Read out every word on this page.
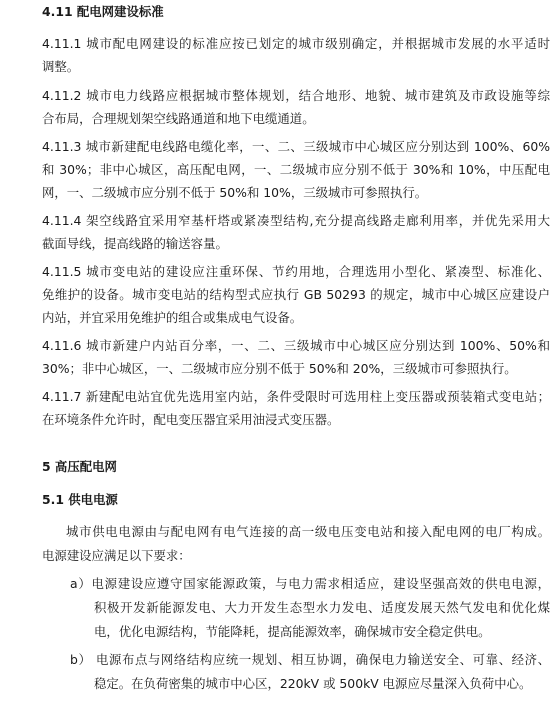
4.11 配电网建设标准
4.11.1 城市配电网建设的标准应按已划定的城市级别确定，并根据城市发展的水平适时
调整。
4.11.2 城市电力线路应根据城市整体规划，结合地形、地貌、城市建筑及市政设施等综
合布局，合理规划架空线路通道和地下电缆通道。
4.11.3 城市新建配电线路电缆化率，一、二、三级城市中心城区应分别达到 100%、60%
和 30%；非中心城区，高压配电网，一、二级城市应分别不低于 30%和 10%，中压配电
网，一、二级城市应分别不低于 50%和 10%，三级城市可参照执行。
4.11.4 架空线路宜采用窄基杆塔或紧凑型结构,充分提高线路走廊利用率，并优先采用大
截面导线，提高线路的输送容量。
4.11.5 城市变电站的建设应注重环保、节约用地，合理选用小型化、紧凑型、标准化、
免维护的设备。城市变电站的结构型式应执行 GB 50293 的规定，城市中心城区应建设户
内站，并宜采用免维护的组合或集成电气设备。
4.11.6 城市新建户内站百分率，一、二、三级城市中心城区应分别达到 100%、50%和
30%；非中心城区，一、二级城市应分别不低于 50%和 20%，三级城市可参照执行。
4.11.7 新建配电站宜优先选用室内站，条件受限时可选用柱上变压器或预装箱式变电站；
在环境条件允许时，配电变压器宜采用油浸式变压器。
5 高压配电网
5.1 供电电源
城市供电电源由与配电网有电气连接的高一级电压变电站和接入配电网的电厂构成。
电源建设应满足以下要求：
a）电源建设应遵守国家能源政策，与电力需求相适应，建设坚强高效的供电电源，
积极开发新能源发电、大力开发生态型水力发电、适度发展天然气发电和优化煤
电，优化电源结构，节能降耗，提高能源效率，确保城市安全稳定供电。
b） 电源布点与网络结构应统一规划、相互协调，确保电力输送安全、可靠、经济、
稳定。在负荷密集的城市中心区，220kV 或 500kV 电源应尽量深入负荷中心。
